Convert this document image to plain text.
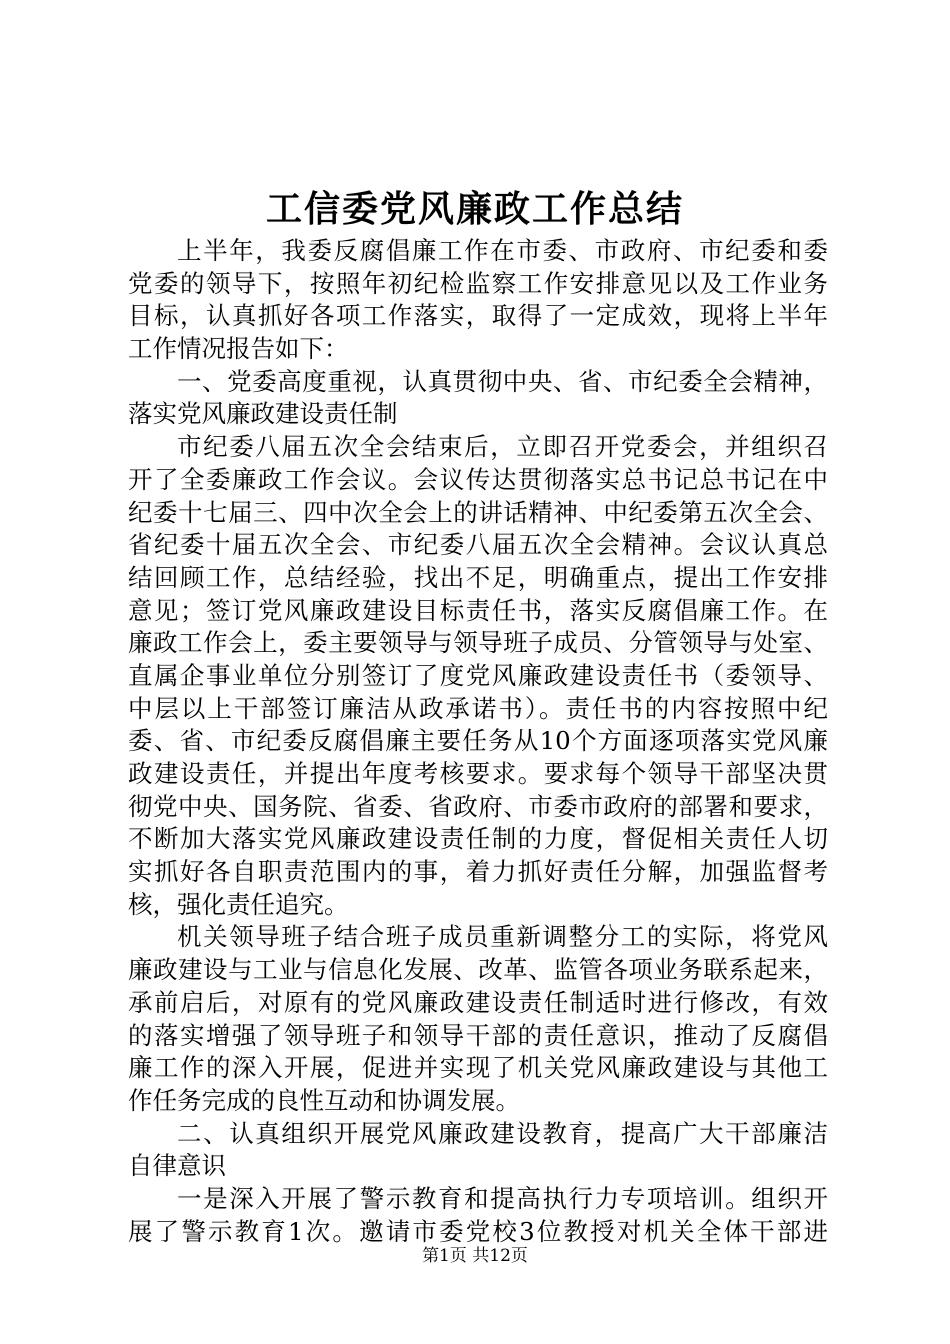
工信委党风廉政工作总结
上半年，我委反腐倡廉工作在市委、市政府、市纪委和委
党委的领导下，按照年初纪检监察工作安排意见以及工作业务
目标，认真抓好各项工作落实，取得了一定成效，现将上半年
工作情况报告如下：
一、党委高度重视，认真贯彻中央、省、市纪委全会精神，
落实党风廉政建设责任制
市纪委八届五次全会结束后，立即召开党委会，并组织召
开了全委廉政工作会议。会议传达贯彻落实总书记总书记在中
纪委十七届三、四中次全会上的讲话精神、中纪委第五次全会、
省纪委十届五次全会、市纪委八届五次全会精神。会议认真总
结回顾工作，总结经验，找出不足，明确重点，提出工作安排
意见；签订党风廉政建设目标责任书，落实反腐倡廉工作。在
廉政工作会上，委主要领导与领导班子成员、分管领导与处室、
直属企事业单位分别签订了度党风廉政建设责任书（委领导、
中层以上干部签订廉洁从政承诺书）。责任书的内容按照中纪
委、省、市纪委反腐倡廉主要任务从10个方面逐项落实党风廉
政建设责任，并提出年度考核要求。要求每个领导干部坚决贯
彻党中央、国务院、省委、省政府、市委市政府的部署和要求，
不断加大落实党风廉政建设责任制的力度，督促相关责任人切
实抓好各自职责范围内的事，着力抓好责任分解，加强监督考
核，强化责任追究。
机关领导班子结合班子成员重新调整分工的实际，将党风
廉政建设与工业与信息化发展、改革、监管各项业务联系起来，
承前启后，对原有的党风廉政建设责任制适时进行修改，有效
的落实增强了领导班子和领导干部的责任意识，推动了反腐倡
廉工作的深入开展，促进并实现了机关党风廉政建设与其他工
作任务完成的良性互动和协调发展。
二、认真组织开展党风廉政建设教育，提高广大干部廉洁
自律意识
一是深入开展了警示教育和提高执行力专项培训。组织开
展了警示教育1次。邀请市委党校3位教授对机关全体干部进
第1页 共12页
